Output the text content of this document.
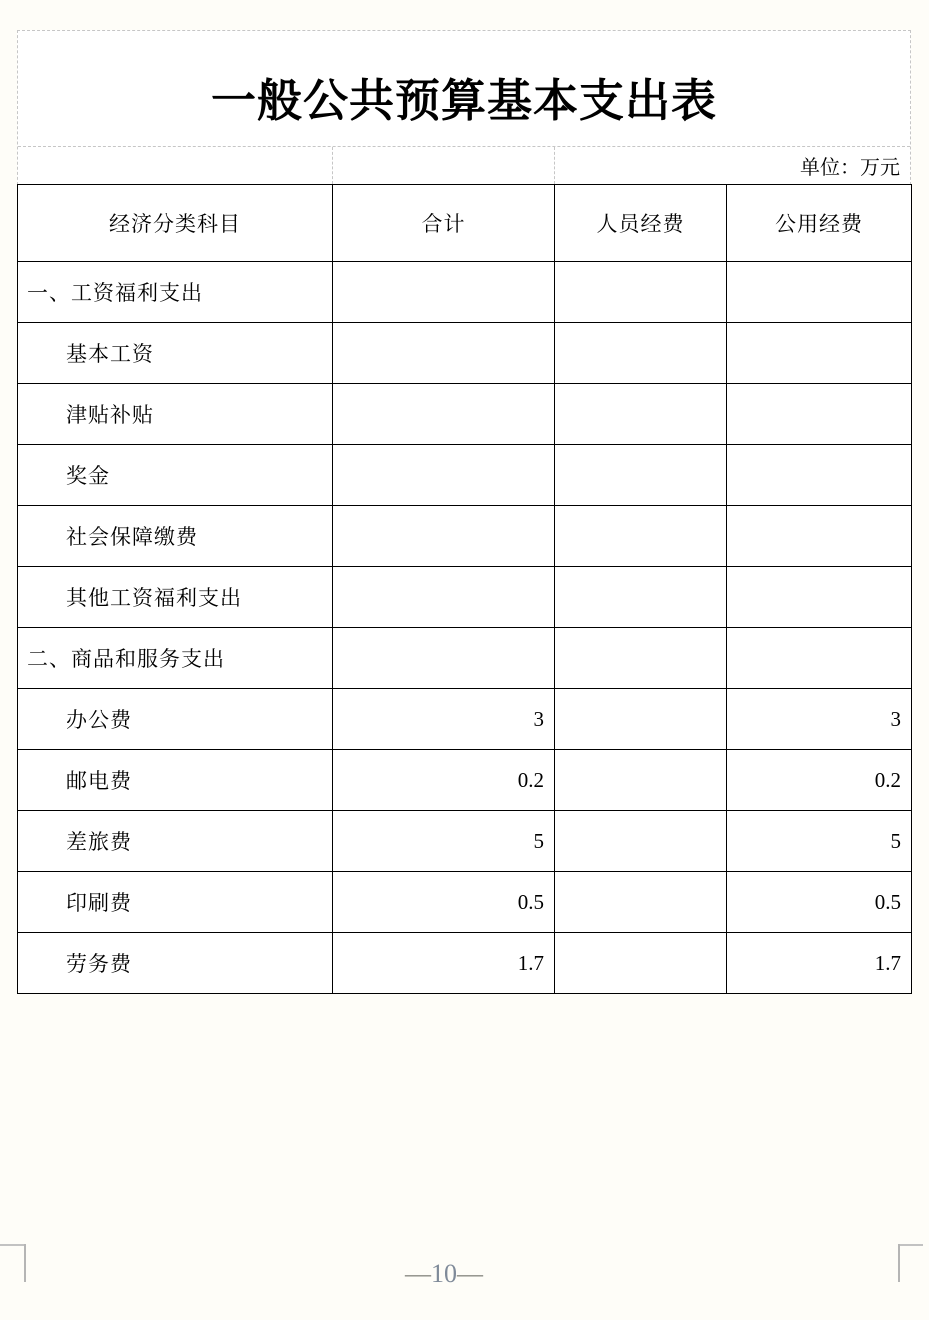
一般公共预算基本支出表
单位：万元
经济分类科目	合计	人员经费	公用经费
一、工资福利支出			
基本工资			
津贴补贴			
奖金			
社会保障缴费			
其他工资福利支出			
二、商品和服务支出			
办公费	3		3
邮电费	0.2		0.2
差旅费	5		5
印刷费	0.5		0.5
劳务费	1.7		1.7
—10—
